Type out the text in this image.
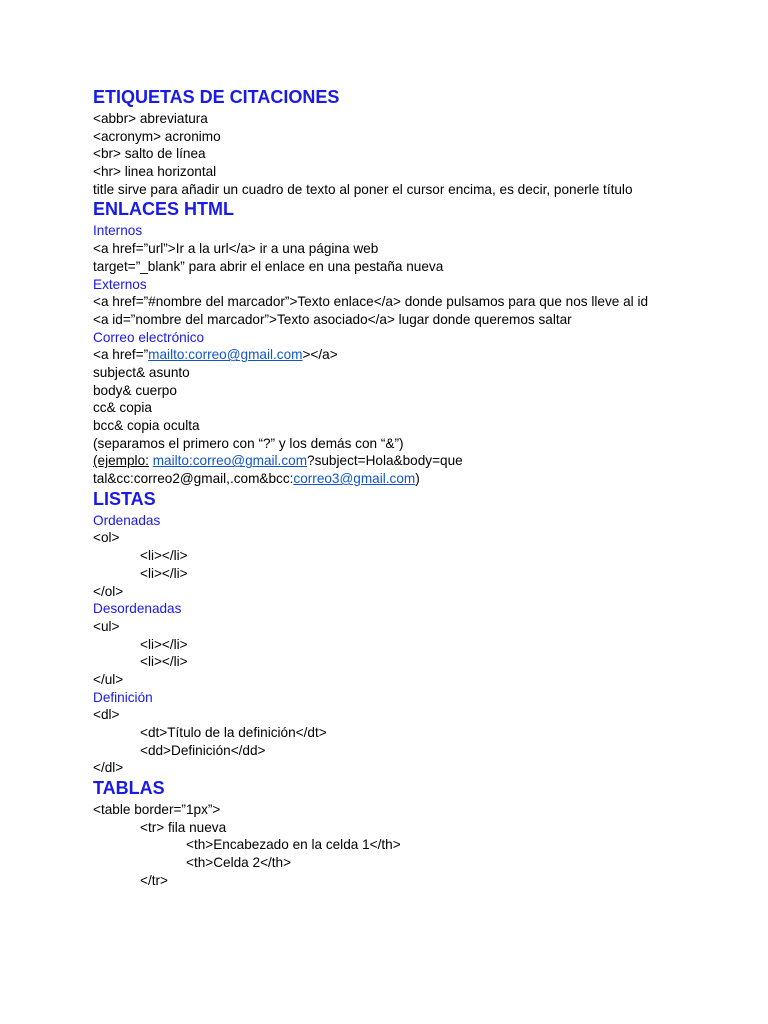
ETIQUETAS DE CITACIONES
<abbr> abreviatura
<acronym> acronimo
<br> salto de línea
<hr> linea horizontal
title sirve para añadir un cuadro de texto al poner el cursor encima, es decir, ponerle título
ENLACES HTML
Internos
<a href=”url”>Ir a la url</a> ir a una página web
target=”_blank” para abrir el enlace en una pestaña nueva
Externos
<a href=”#nombre del marcador”>Texto enlace</a> donde pulsamos para que nos lleve al id
<a id=”nombre del marcador”>Texto asociado</a> lugar donde queremos saltar
Correo electrónico
<a href=”mailto:correo@gmail.com></a>
subject& asunto
body& cuerpo
cc& copia
bcc& copia oculta
(separamos el primero con “?” y los demás con “&”)
(ejemplo: mailto:correo@gmail.com?subject=Hola&body=que
tal&cc:correo2@gmail,.com&bcc:correo3@gmail.com)
LISTAS
Ordenadas
<ol>
<li></li>
<li></li>
</ol>
Desordenadas
<ul>
<li></li>
<li></li>
</ul>
Definición
<dl>
<dt>Título de la definición</dt>
<dd>Definición</dd>
</dl>
TABLAS
<table border=”1px”>
<tr> fila nueva
<th>Encabezado en la celda 1</th>
<th>Celda 2</th>
</tr>
